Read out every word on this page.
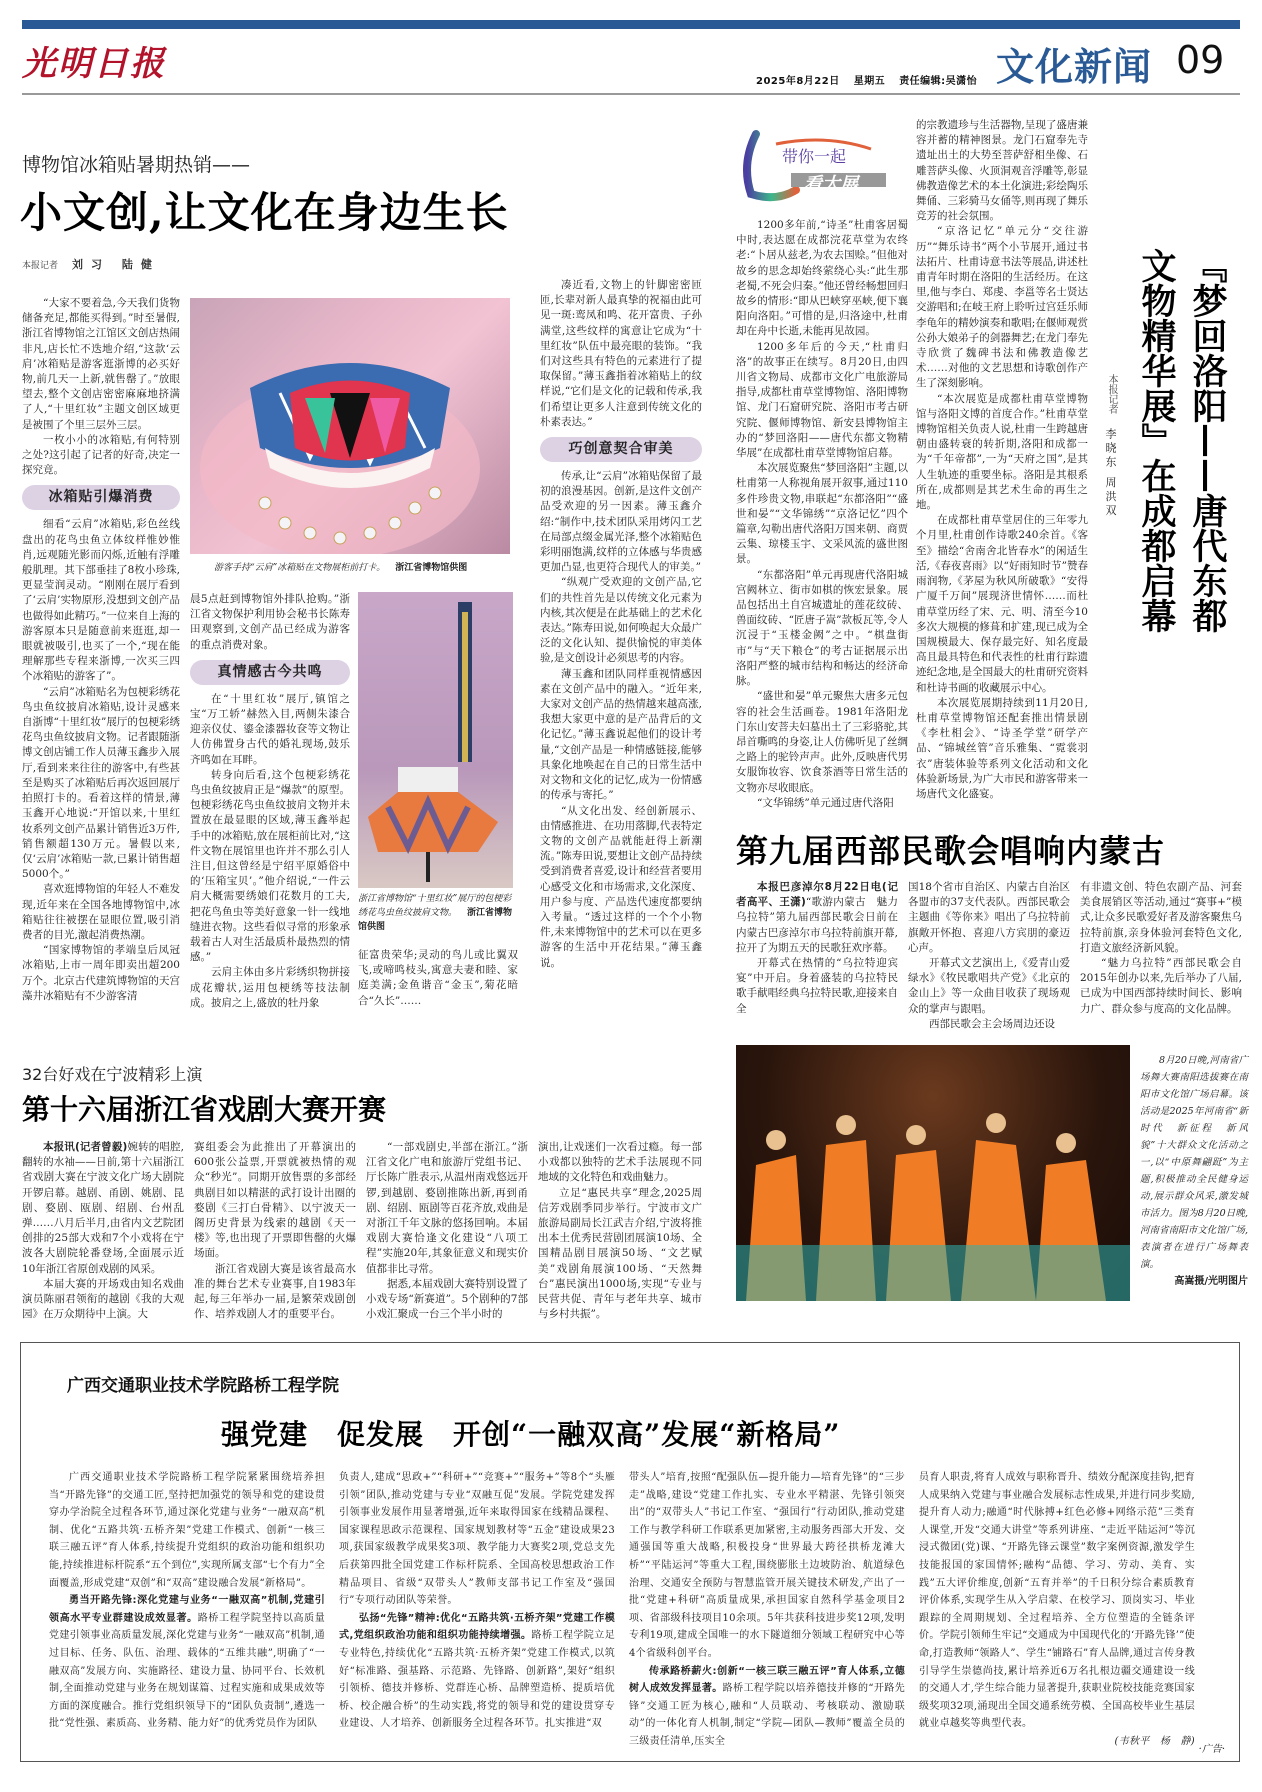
光明日报	2025年8月22日 星期五 责任编辑:吴潇怡 文化新闻 09
博物馆冰箱贴暑期热销——
小文创,让文化在身边生长
本报记者 刘习 陆健
游客手持“云肩”冰箱贴在文物展柜前打卡。 浙江省博物馆供图

“大家不要着急,今天我们货物储备充足,都能买得到。”时至暑假,浙江省博物馆之江馆区文创店热闹非凡,店长忙不迭地介绍,“这款‘云肩’冰箱贴是游客逛浙博的必买好物,前几天一上新,就售罄了。”放眼望去,整个文创店密密麻麻地挤满了人,“十里红妆”主题文创区域更是被围了个里三层外三层。

一枚小小的冰箱贴,有何特别之处?这引起了记者的好奇,决定一探究竟。

冰箱贴引爆消费

细看“云肩”冰箱贴,彩色丝线盘出的花鸟虫鱼立体纹样惟妙惟肖,远观随光影而闪烁,近触有浮雕般肌理。其下部垂挂了8枚小珍珠,更显莹润灵动。“刚刚在展厅看到了‘云肩’实物原形,没想到文创产品也做得如此精巧。”一位来自上海的游客原本只是随意前来逛逛,却一眼就被吸引,也买了一个,“现在能理解那些专程来浙博,一次买三四个冰箱贴的游客了”。

“云肩”冰箱贴名为包梗彩绣花鸟虫鱼纹披肩冰箱贴,设计灵感来自浙博“十里红妆”展厅的包梗彩绣花鸟虫鱼纹披肩文物。记者跟随浙博文创店铺工作人员薄玉鑫步入展厅,看到来来往往的游客中,有些甚至是购买了冰箱贴后再次返回展厅拍照打卡的。看着这样的情景,薄玉鑫开心地说:“开馆以来,十里红妆系列文创产品累计销售近3万件,销售额超130万元。暑假以来,仅‘云肩’冰箱贴一款,已累计销售超5000个。”

喜欢逛博物馆的年轻人不难发现,近年来在全国各地博物馆中,冰箱贴往往被摆在显眼位置,吸引消费者的目光,激起消费热潮。

“国家博物馆的孝端皇后凤冠冰箱贴,上市一周年即卖出超200万个。北京古代建筑博物馆的天宫藻井冰箱贴有不少游客清

晨5点赶到博物馆外排队抢购。”浙江省文物保护利用协会秘书长陈寿田观察到,文创产品已经成为游客的重点消费对象。

真情感古今共鸣

在“十里红妆”展厅,镇馆之宝“万工轿”赫然入目,两侧朱漆合迎亲仪仗、鎏金漆器妆奁等文物让人仿佛置身古代的婚礼现场,鼓乐齐鸣如在耳畔。

转身向后看,这个包梗彩绣花鸟虫鱼纹披肩正是“爆款”的原型。包梗彩绣花鸟虫鱼纹披肩文物并未置放在最显眼的区域,薄玉鑫举起手中的冰箱贴,放在展柜前比对,“这件文物在展馆里也许并不那么引人注目,但这曾经是宁绍平原婚俗中的‘压箱宝贝’。”他介绍说,“一件云肩大概需要绣娘们花数月的工夫,把花鸟鱼虫等美好意象一针一线地缝进衣物。这些看似寻常的形象承载着古人对生活最质朴最热烈的情感。”

云肩主体由多片彩绣织物拼接成花瓣状,运用包梗绣等技法制成。披肩之上,盛放的牡丹象

浙江省博物馆“十里红妆”展厅的包梗彩绣花鸟虫鱼纹披肩文物。 浙江省博物馆供图

征富贵荣华;灵动的鸟儿或比翼双飞,或啼鸣枝头,寓意夫妻和睦、家庭美满;金鱼谐音“金玉”,菊花暗合“久长”……

凑近看,文物上的针脚密密匝匝,长辈对新人最真挚的祝福由此可见一斑:鸾凤和鸣、花开富贵、子孙满堂,这些纹样的寓意让它成为“十里红妆”队伍中最亮眼的装饰。“我们对这些具有特色的元素进行了提取保留。”薄玉鑫指着冰箱贴上的纹样说,“它们是文化的记载和传承,我们希望让更多人注意到传统文化的朴素表达。”

巧创意契合审美

传承,让“云肩”冰箱贴保留了最初的浪漫基因。创新,是这件文创产品受欢迎的另一因素。薄玉鑫介绍:“制作中,技术团队采用烤闪工艺在局部点缀金属光泽,整个冰箱贴色彩明丽饱满,纹样的立体感与华贵感更加凸显,也更符合现代人的审美。”

“纵观广受欢迎的文创产品,它们的共性首先是以传统文化元素为内核,其次便是在此基础上的艺术化表达。”陈寿田说,如何唤起大众最广泛的文化认知、提供愉悦的审美体验,是文创设计必须思考的内容。

薄玉鑫和团队同样重视情感因素在文创产品中的融入。“近年来,大家对文创产品的热情越来越高涨,我想大家更中意的是产品背后的文化记忆。”薄玉鑫说起他们的设计考量,“文创产品是一种情感链接,能够具象化地唤起在自己的日常生活中对文物和文化的记忆,成为一份情感的传承与寄托。”

“从文化出发、经创新展示、由情感推进、在功用落脚,代表特定文物的文创产品就能赶得上新潮流。”陈寿田说,要想让文创产品持续受到消费者喜爱,设计和经营者要用心感受文化和市场需求,文化深度、用户参与度、产品迭代速度都要纳入考量。“透过这样的一个个小物件,未来博物馆中的艺术可以在更多游客的生活中开花结果。”薄玉鑫说。

带你一起
看大展

1200多年前,“诗圣”杜甫客居蜀中时,表达愿在成都浣花草堂为农终老:“卜居从兹老,为农去国赊。”但他对故乡的思念却始终萦绕心头:“此生那老蜀,不死会归秦。”他还曾经畅想回归故乡的情形:“即从巴峡穿巫峡,便下襄阳向洛阳。”可惜的是,归洛途中,杜甫却在舟中长逝,未能再见故园。

1200多年后的今天,“杜甫归洛”的故事正在续写。8月20日,由四川省文物局、成都市文化广电旅游局指导,成都杜甫草堂博物馆、洛阳博物馆、龙门石窟研究院、洛阳市考古研究院、偃师博物馆、新安县博物馆主办的“梦回洛阳——唐代东都文物精华展”在成都杜甫草堂博物馆启幕。

本次展览聚焦“梦回洛阳”主题,以杜甫第一人称视角展开叙事,通过110多件珍贵文物,串联起“东都洛阳”“盛世和晏”“文华锦绣”“京洛记忆”四个篇章,勾勒出唐代洛阳万国来朝、商贾云集、琼楼玉宇、文采风流的盛世图景。

“东都洛阳”单元再现唐代洛阳城宫阙林立、街市如棋的恢宏景象。展品包括出土自宫城遗址的莲花纹砖、兽面纹砖、“匠唐子嵩”款板瓦等,令人沉浸于“玉楼金阙”之中。“棋盘街市”与“天下粮仓”的考古证据展示出洛阳严整的城市结构和畅达的经济命脉。

“盛世和晏”单元聚焦大唐多元包容的社会生活画卷。1981年洛阳龙门东山安菩夫妇墓出土了三彩骆驼,其昂首嘶鸣的身姿,让人仿佛听见了丝绸之路上的驼铃声声。此外,反映唐代男女服饰妆容、饮食茶酒等日常生活的文物亦尽收眼底。

“文华锦绣”单元通过唐代洛阳

的宗教遗珍与生活器物,呈现了盛唐兼容并蓄的精神图景。龙门石窟奉先寺遗址出土的大势至菩萨舒相坐像、石雕菩萨头像、火顶洞观音浮雕等,彰显佛教造像艺术的本土化演进;彩绘陶乐舞俑、三彩骑马女俑等,则再现了舞乐竞芳的社会氛围。

“京洛记忆”单元分“交往游历”“舞乐诗书”两个小节展开,通过书法拓片、杜甫诗意书法等展品,讲述杜甫青年时期在洛阳的生活经历。在这里,他与李白、郑虔、李邕等名士贤达交游唱和;在岐王府上聆听过宫廷乐师李龟年的精妙演奏和歌唱;在偃师观赏公孙大娘弟子的剑器舞艺;在龙门奉先寺欣赏了魏碑书法和佛教造像艺术……对他的文艺思想和诗歌创作产生了深刻影响。

“本次展览是成都杜甫草堂博物馆与洛阳文博的首度合作。”杜甫草堂博物馆相关负责人说,杜甫一生跨越唐朝由盛转衰的转折期,洛阳和成都一为“千年帝都”,一为“天府之国”,是其人生轨迹的重要坐标。洛阳是其根系所在,成都则是其艺术生命的再生之地。

在成都杜甫草堂居住的三年零九个月里,杜甫创作诗歌240余首。《客至》描绘“舍南舍北皆春水”的闲适生活,《春夜喜雨》以“好雨知时节”赞春雨润物,《茅屋为秋风所破歌》“安得广厦千万间”展现济世情怀……而杜甫草堂历经了宋、元、明、清至今10多次大规模的修葺和扩建,现已成为全国规模最大、保存最完好、知名度最高且最具特色和代表性的杜甫行踪遗迹纪念地,是全国最大的杜甫研究资料和杜诗书画的收藏展示中心。

本次展览展期持续到11月20日,杜甫草堂博物馆还配套推出情景剧《李杜相会》、“诗圣学堂”研学产品、“锦城丝管”音乐雅集、“霓裳羽衣”唐装体验等系列文化活动和文化体验新场景,为广大市民和游客带来一场唐代文化盛宴。

『梦回洛阳——唐代东都
文物精华展』在成都启幕
本报记者
李晓东 周洪双
第九届西部民歌会唱响内蒙古

本报巴彦淖尔8月22日电(记者高平、王潇)“歌游内蒙古　魅力乌拉特”第九届西部民歌会日前在内蒙古巴彦淖尔市乌拉特前旗开幕,拉开了为期五天的民歌狂欢序幕。

开幕式在热情的“乌拉特迎宾宴”中开启。身着盛装的乌拉特民歌手献唱经典乌拉特民歌,迎接来自全

国18个省市自治区、内蒙古自治区各盟市的37支代表队。西部民歌会主题曲《等你来》唱出了乌拉特前旗敞开怀抱、喜迎八方宾朋的豪迈心声。

开幕式文艺演出上,《爱青山爱绿水》《牧民歌唱共产党》《北京的金山上》等一众曲目收获了现场观众的掌声与跟唱。

西部民歌会主会场周边还设

有非遗文创、特色农副产品、河套美食展销区等活动,通过“赛事+”模式,让众多民歌爱好者及游客聚焦乌拉特前旗,亲身体验河套特色文化,打造文旅经济新风貌。

“魅力乌拉特”西部民歌会自2015年创办以来,先后举办了八届,已成为中国西部持续时间长、影响力广、群众参与度高的文化品牌。

32台好戏在宁波精彩上演
第十六届浙江省戏剧大赛开赛

本报讯(记者曾毅)婉转的唱腔,翻转的水袖——日前,第十六届浙江省戏剧大赛在宁波文化广场大剧院开锣启幕。越剧、甬剧、姚剧、昆剧、婺剧、瓯剧、绍剧、台州乱弹……八月后半月,由省内文艺院团创排的25部大戏和7个小戏将在宁波各大剧院轮番登场,全面展示近10年浙江省原创戏剧的风采。

本届大赛的开场戏由知名戏曲演员陈丽君领衔的越剧《我的大观园》在万众期待中上演。大

赛组委会为此推出了开幕演出的600张公益票,开票就被热情的观众“秒光”。同期开放售票的多部经典剧目如以精湛的武打设计出圈的婺剧《三打白骨精》、以宁波天一阁历史背景为线索的越剧《天一楼》等,也出现了开票即售罄的火爆场面。

浙江省戏剧大赛是该省最高水准的舞台艺术专业赛事,自1983年起,每三年举办一届,是繁荣戏剧创作、培养戏剧人才的重要平台。

“一部戏剧史,半部在浙江。”浙江省文化广电和旅游厅党组书记、厅长陈广胜表示,从温州南戏悠远开锣,到越剧、婺剧推陈出新,再到甬剧、绍剧、瓯剧等百花齐放,戏曲是对浙江千年文脉的悠扬回响。本届戏剧大赛恰逢文化建设“八项工程”实施20年,其象征意义和现实价值都非比寻常。

据悉,本届戏剧大赛特别设置了小戏专场“新赛道”。5个剧种的7部小戏汇聚成一台三个半小时的

演出,让戏迷们一次看过瘾。每一部小戏都以独特的艺术手法展现不同地域的文化特色和戏曲魅力。

立足“惠民共享”理念,2025周信芳戏剧季同步举行。宁波市文广旅游局副局长江武吉介绍,宁波将推出本土优秀民营剧团展演10场、全国精品剧目展演50场、“文艺赋美”戏剧角展演100场、“天然舞台”惠民演出1000场,实现“专业与民营共促、青年与老年共享、城市与乡村共振”。

8月20日晚,河南省广场舞大赛南阳选拔赛在南阳市文化馆广场启幕。该活动是2025年河南省“新时代　新征程　新风貌”十大群众文化活动之一,以“中原舞翩跹”为主题,积极推动全民健身运动,展示群众风采,激发城市活力。图为8月20日晚,河南省南阳市文化馆广场,表演者在进行广场舞表演。

高嵩摄/光明图片
广西交通职业技术学院路桥工程学院
强党建　促发展　开创“一融双高”发展“新格局”

广西交通职业技术学院路桥工程学院紧紧围绕培养担当“开路先锋”的交通工匠,坚持把加强党的领导和党的建设贯穿办学治院全过程各环节,通过深化党建与业务“一融双高”机制、优化“五路共筑·五桥齐架”党建工作模式、创新“一核三联三融五评”育人体系,持续提升党组织的政治功能和组织功能,持续推进标杆院系“五个到位”,实现所属支部“七个有力”全面覆盖,形成党建“双创”和“双高”建设融合发展“新格局”。

勇当开路先锋:深化党建与业务“一融双高”机制,党建引领高水平专业群建设成效显著。路桥工程学院坚持以高质量党建引领事业高质量发展,深化党建与业务“一融双高”机制,通过目标、任务、队伍、治理、载体的“五维共融”,明确了“一融双高”发展方向、实施路径、建设力量、协同平台、长效机制,全面推动党建与业务在规划谋篇、过程实施和成果成效等方面的深度融合。推行党组织领导下的“团队负责制”,遴选一批“党性强、素质高、业务精、能力好”的优秀党员作为团队

负责人,建成“思政+”“科研+”“竞赛+”“服务+”等8个“头雁引领”团队,推动党建与专业“双融互促”发展。学院党建发挥引领事业发展作用显著增强,近年来取得国家在线精品课程、国家课程思政示范课程、国家规划教材等“五金”建设成果23项,获国家级教学成果奖3项、教学能力大赛奖2项,党总支先后获第四批全国党建工作标杆院系、全国高校思想政治工作精品项目、省级“双带头人”教师支部书记工作室及“强国行”专项行动团队等荣誉。

弘扬“先锋”精神:优化“五路共筑·五桥齐架”党建工作模式,党组织政治功能和组织功能持续增强。路桥工程学院立足专业特色,持续优化“五路共筑·五桥齐架”党建工作模式,以筑好“标准路、强基路、示范路、先锋路、创新路”,架好“组织引领桥、德技并修桥、党群连心桥、品牌塑造桥、提质培优桥、校企融合桥”的生动实践,将党的领导和党的建设贯穿专业建设、人才培养、创新服务全过程各环节。扎实推进“双

带头人”培育,按照“配强队伍—提升能力—培育先锋”的“三步走”战略,建设“党建工作扎实、专业水平精湛、先锋引领突出”的“双带头人”书记工作室、“强国行”行动团队,推动党建工作与教学科研工作联系更加紧密,主动服务西部大开发、交通强国等重大战略,积极投身“世界最大跨径拱桥龙滩大桥”“平陆运河”等重大工程,围绕膨胀土边坡防治、航道绿色治理、交通安全预防与智慧监管开展关键技术研发,产出了一批“党建+科研”高质量成果,承担国家自然科学基金项目2项、省部级科技项目10余项。5年共获科技进步奖12项,发明专利19项,建成全国唯一的水下隧道细分领域工程研究中心等4个省级科创平台。

传承路桥薪火:创新“一核三联三融五评”育人体系,立德树人成效发挥显著。路桥工程学院以培养德技并修的“开路先锋”交通工匠为核心,融和“人员联动、考核联动、激励联动”的一体化育人机制,制定“学院—团队—教师”覆盖全员的三级责任清单,压实全

员育人职责,将育人成效与职称晋升、绩效分配深度挂钩,把育人成果纳入党建与事业融合发展标志性成果,并进行同步奖励,提升育人动力;融通“时代脉搏+红色必修+网络示范”三类育人课堂,开发“交通大讲堂”等系列讲座、“走近平陆运河”等沉浸式微团(党)课、“开路先锋云课堂”数字案例资源,激发学生技能报国的家国情怀;融构“品德、学习、劳动、美育、实践”五大评价维度,创新“五育并举”的千日积分综合素质教育评价体系,实现学生从入学启蒙、在校学习、顶岗实习、毕业跟踪的全周期规划、全过程培养、全方位塑造的全链条评价。学院引领师生牢记“交通成为中国现代化的‘开路先锋’”使命,打造教师“领路人”、学生“铺路石”育人品牌,通过言传身教引导学生崇德尚技,累计培养近6万名扎根边疆交通建设一线的交通人才,学生综合能力显著提升,获职业院校技能竞赛国家级奖项32项,涌现出全国交通系统劳模、全国高校毕业生基层就业卓越奖等典型代表。

(韦秋平　杨　静)
·广告·
